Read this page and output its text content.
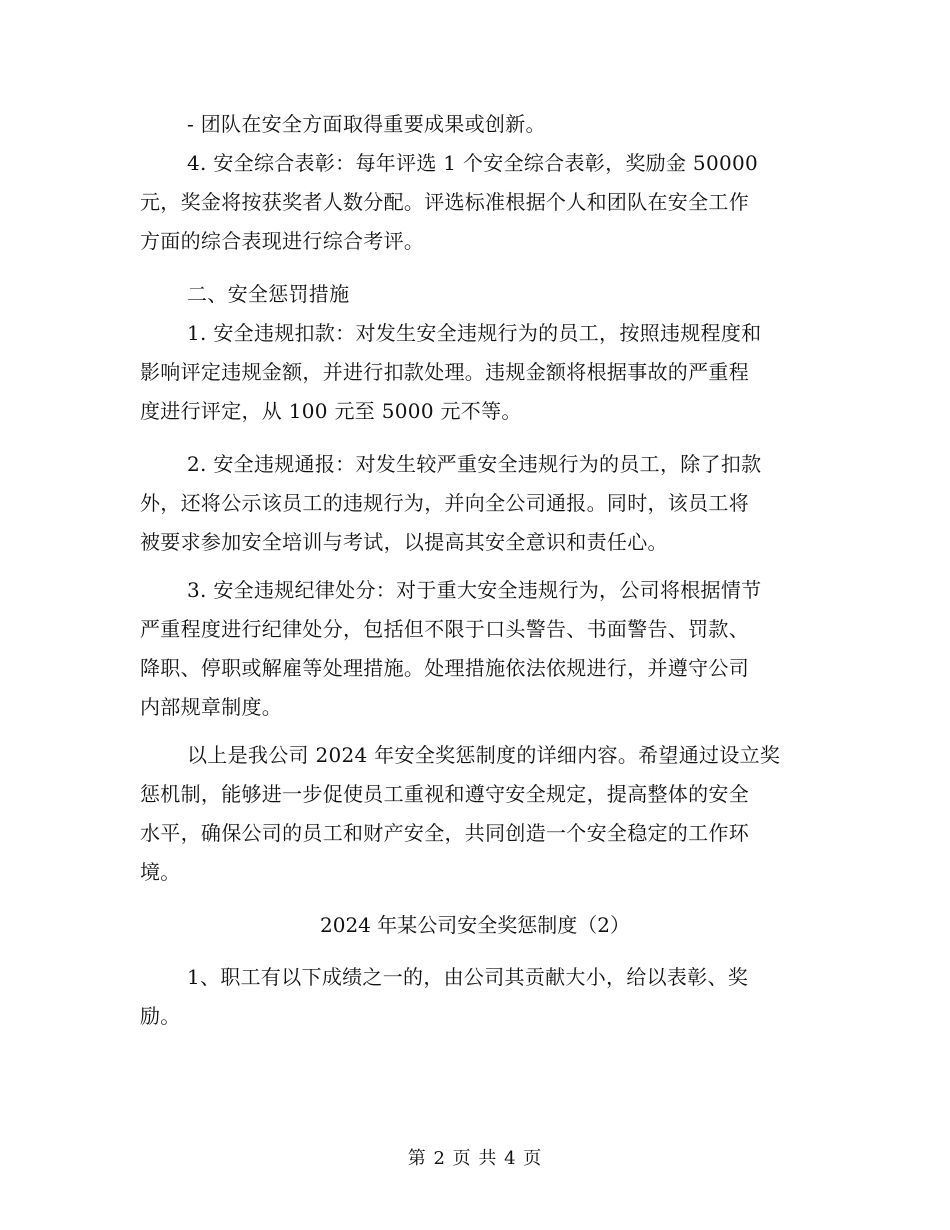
- 团队在安全方面取得重要成果或创新。
4. 安全综合表彰：每年评选 1 个安全综合表彰，奖励金 50000
元，奖金将按获奖者人数分配。评选标准根据个人和团队在安全工作
方面的综合表现进行综合考评。
二、安全惩罚措施
1. 安全违规扣款：对发生安全违规行为的员工，按照违规程度和
影响评定违规金额，并进行扣款处理。违规金额将根据事故的严重程
度进行评定，从 100 元至 5000 元不等。
2. 安全违规通报：对发生较严重安全违规行为的员工，除了扣款
外，还将公示该员工的违规行为，并向全公司通报。同时，该员工将
被要求参加安全培训与考试，以提高其安全意识和责任心。
3. 安全违规纪律处分：对于重大安全违规行为，公司将根据情节
严重程度进行纪律处分，包括但不限于口头警告、书面警告、罚款、
降职、停职或解雇等处理措施。处理措施依法依规进行，并遵守公司
内部规章制度。
以上是我公司 2024 年安全奖惩制度的详细内容。希望通过设立奖
惩机制，能够进一步促使员工重视和遵守安全规定，提高整体的安全
水平，确保公司的员工和财产安全，共同创造一个安全稳定的工作环
境。
2024 年某公司安全奖惩制度（2）
1、职工有以下成绩之一的，由公司其贡献大小，给以表彰、奖
励。
第 2 页 共 4 页
